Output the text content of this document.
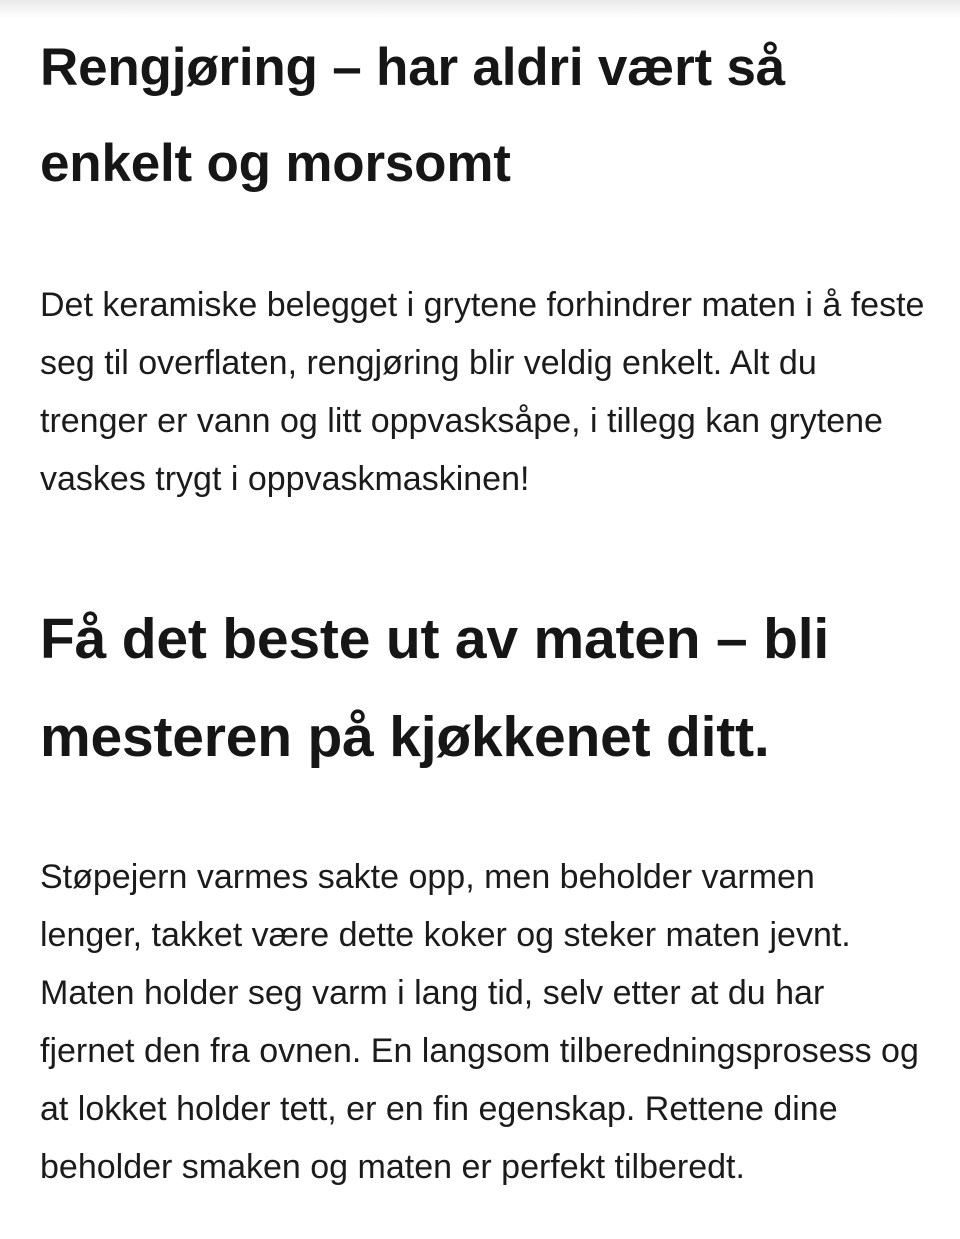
Rengjøring – har aldri vært så enkelt og morsomt

Det keramiske belegget i grytene forhindrer maten i å feste seg til overflaten, rengjøring blir veldig enkelt. Alt du trenger er vann og litt oppvasksåpe, i tillegg kan grytene vaskes trygt i oppvaskmaskinen!

Få det beste ut av maten – bli mesteren på kjøkkenet ditt.

Støpejern varmes sakte opp, men beholder varmen lenger, takket være dette koker og steker maten jevnt. Maten holder seg varm i lang tid, selv etter at du har fjernet den fra ovnen. En langsom tilberedningsprosess og at lokket holder tett, er en fin egenskap. Rettene dine beholder smaken og maten er perfekt tilberedt.
